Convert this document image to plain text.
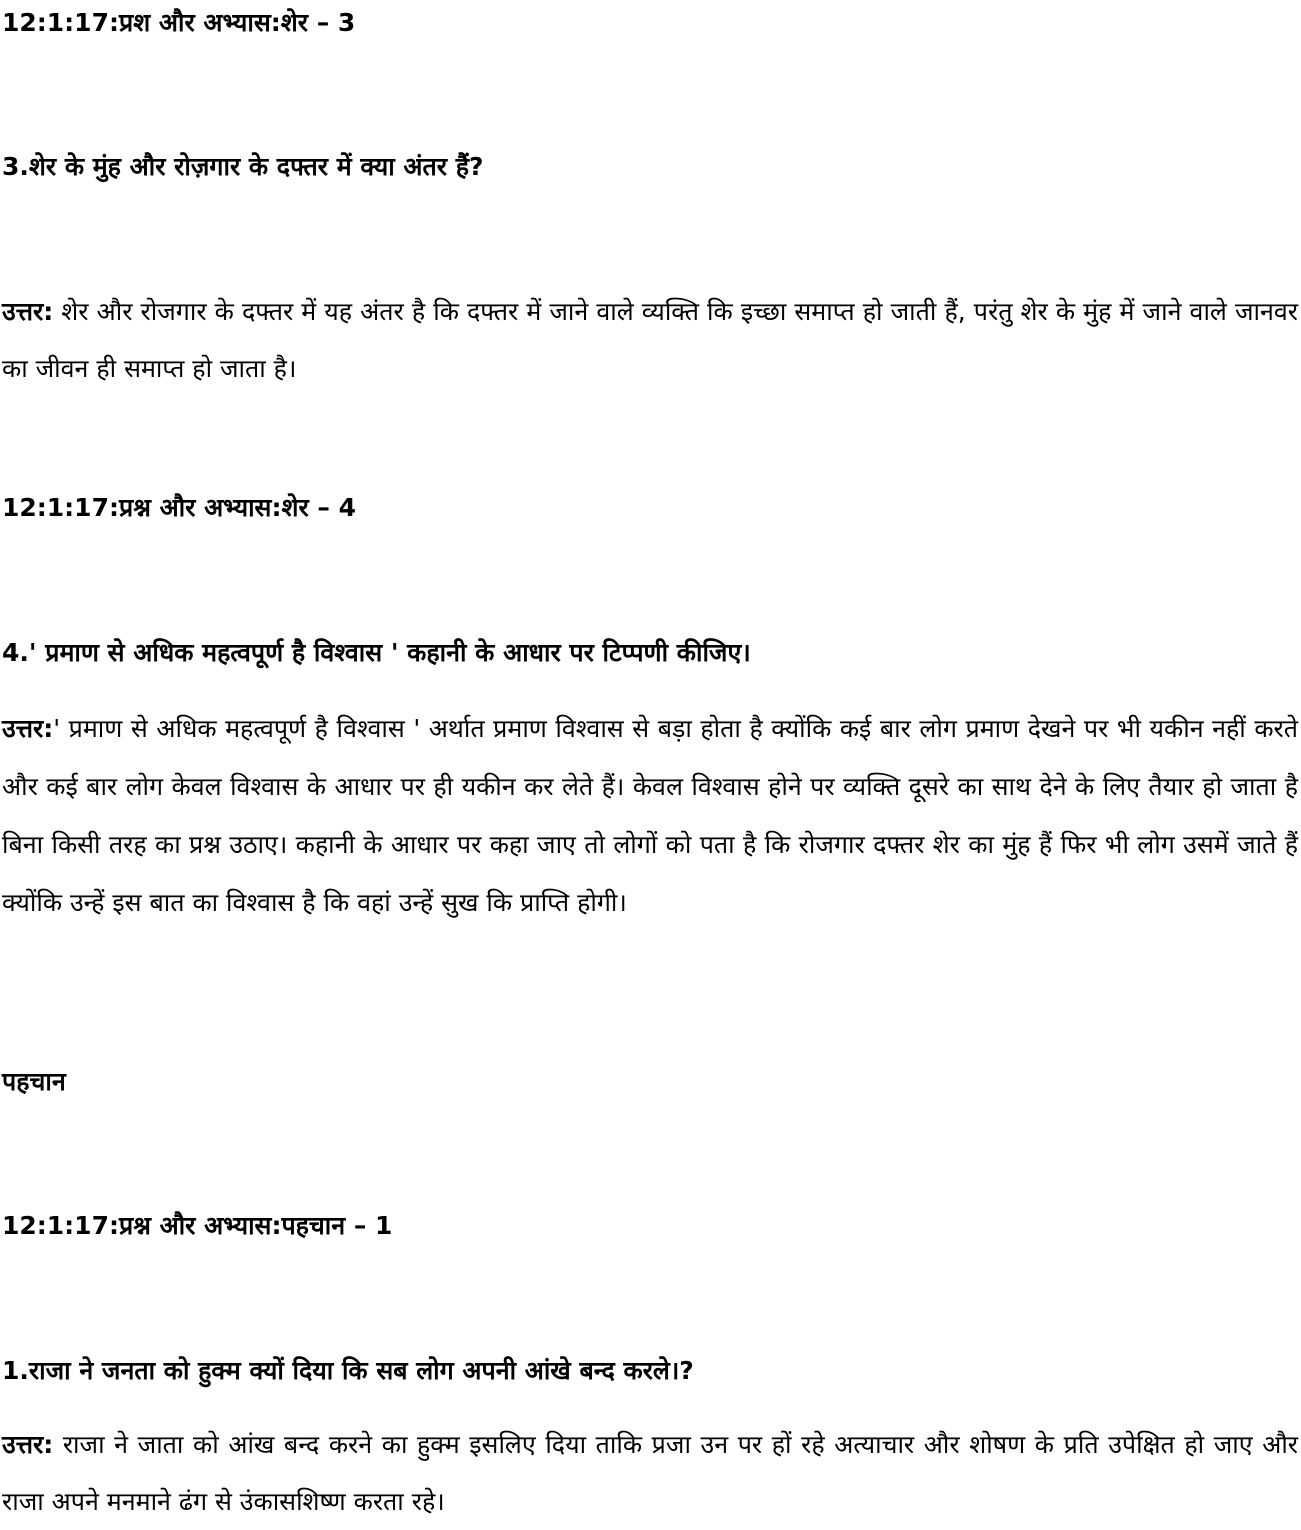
12:1:17:प्रश और अभ्यास:शेर – 3
3.शेर के मुंह और रोज़गार के दफ्तर में क्या अंतर हैं?
उत्तर: शेर और रोजगार के दफ्तर में यह अंतर है कि दफ्तर में जाने वाले व्यक्ति कि इच्छा समाप्त हो जाती हैं, परंतु शेर के मुंह में जाने वाले जानवर का जीवन ही समाप्त हो जाता है।
12:1:17:प्रश्न और अभ्यास:शेर – 4
4.' प्रमाण से अधिक महत्वपूर्ण है विश्वास ' कहानी के आधार पर टिप्पणी कीजिए।
उत्तर:' प्रमाण से अधिक महत्वपूर्ण है विश्वास ' अर्थात प्रमाण विश्वास से बड़ा होता है क्योंकि कई बार लोग प्रमाण देखने पर भी यकीन नहीं करते और कई बार लोग केवल विश्वास के आधार पर ही यकीन कर लेते हैं। केवल विश्वास होने पर व्यक्ति दूसरे का साथ देने के लिए तैयार हो जाता है बिना किसी तरह का प्रश्न उठाए। कहानी के आधार पर कहा जाए तो लोगों को पता है कि रोजगार दफ्तर शेर का मुंह हैं फिर भी लोग उसमें जाते हैं क्योंकि उन्हें इस बात का विश्वास है कि वहां उन्हें सुख कि प्राप्ति होगी।
पहचान
12:1:17:प्रश्न और अभ्यास:पहचान – 1
1.राजा ने जनता को हुक्म क्यों दिया कि सब लोग अपनी आंखे बन्द करले।?
उत्तर: राजा ने जाता को आंख बन्द करने का हुक्म इसलिए दिया ताकि प्रजा उन पर हों रहे अत्याचार और शोषण के प्रति उपेक्षित हो जाए और राजा अपने मनमाने ढंग से उंकासशिष्ण करता रहे।
